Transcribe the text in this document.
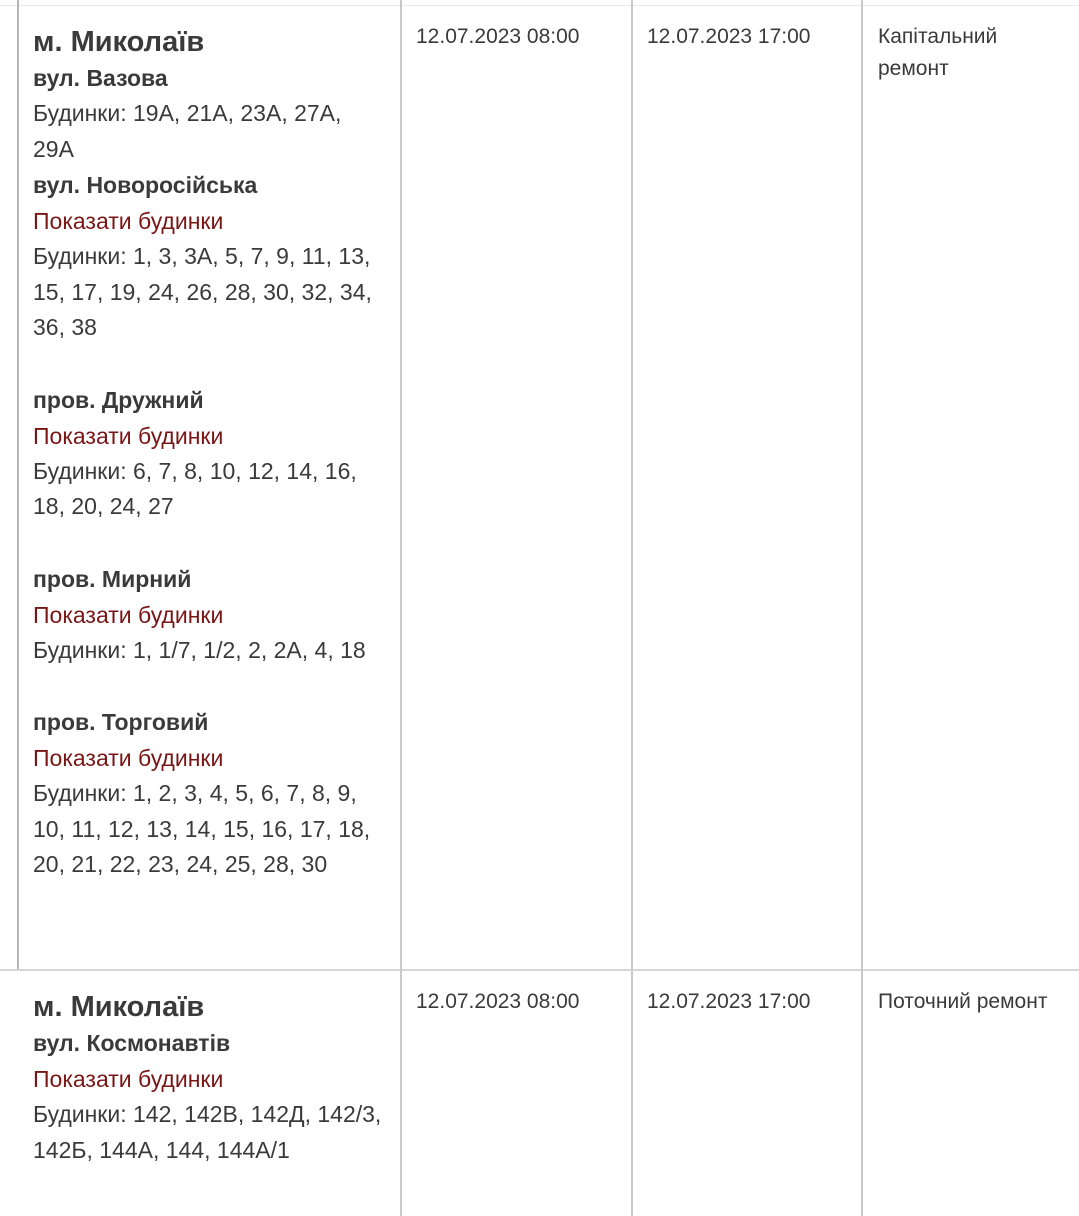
м. Миколаїв
вул. Вазова
Будинки: 19А, 21А, 23А, 27А, 29А
вул. Новоросійська
Показати будинки
Будинки: 1, 3, 3А, 5, 7, 9, 11, 13, 15, 17, 19, 24, 26, 28, 30, 32, 34, 36, 38
пров. Дружний
Показати будинки
Будинки: 6, 7, 8, 10, 12, 14, 16, 18, 20, 24, 27
пров. Мирний
Показати будинки
Будинки: 1, 1/7, 1/2, 2, 2А, 4, 18
пров. Торговий
Показати будинки
Будинки: 1, 2, 3, 4, 5, 6, 7, 8, 9, 10, 11, 12, 13, 14, 15, 16, 17, 18, 20, 21, 22, 23, 24, 25, 28, 30
12.07.2023 08:00	12.07.2023 17:00	Капітальний ремонт
м. Миколаїв
вул. Космонавтів
Показати будинки
Будинки: 142, 142В, 142Д, 142/3, 142Б, 144А, 144, 144А/1
12.07.2023 08:00	12.07.2023 17:00	Поточний ремонт
